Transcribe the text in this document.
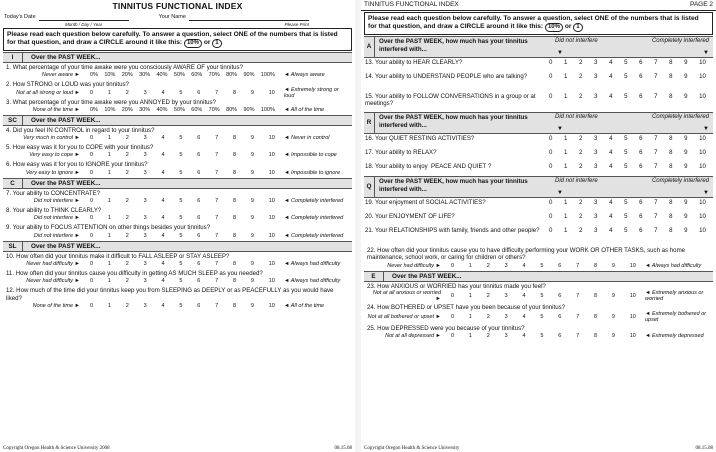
TINNITUS FUNCTIONAL INDEX
Today's Date
Month / Day / Year
Your Name
Please Print
Please read each question below carefully. To answer a question, select ONE of the numbers that is listed for that question, and draw a CIRCLE around it like this: 10% or 1
I	Over the PAST WEEK...
1. What percentage of your time awake were you consciously AWARE OF your tinnitus?
Never aware ►	0% 10% 20% 30% 40% 50% 60% 70% 80% 90% 100%	◄ Always aware
2. How STRONG or LOUD was your tinnitus?
Not at all strong or loud ►	0	1	2	3	4	5	6	7	8	9	10	◄ Extremely strong or loud
3. What percentage of your time awake were you ANNOYED by your tinnitus?
None of the time ►	0% 10% 20% 30% 40% 50% 60% 70% 80% 90% 100%	◄ All of the time
SC	Over the PAST WEEK...
4. Did you feel IN CONTROL in regard to your tinnitus?
Very much in control ►	0	1	2	3	4	5	6	7	8	9	10	◄ Never in control
5. How easy was it for you to COPE with your tinnitus?
Very easy to cope ►	0	1	2	3	4	5	6	7	8	9	10	◄ Impossible to cope
6. How easy was it for you to IGNORE your tinnitus?
Very easy to ignore ►	0	1	2	3	4	5	6	7	8	9	10	◄ Impossible to ignore
C	Over the PAST WEEK...
7. Your ability to CONCENTRATE?
Did not interfere ►	0	1	2	3	4	5	6	7	8	9	10	◄ Completely interfered
8. Your ability to THINK CLEARLY?
Did not interfere ►	0	1	2	3	4	5	6	7	8	9	10	◄ Completely interfered
9. Your ability to FOCUS ATTENTION on other things besides your tinnitus?
Did not interfere ►	0	1	2	3	4	5	6	7	8	9	10	◄ Completely interfered
SL	Over the PAST WEEK...
10. How often did your tinnitus make it difficult to FALL ASLEEP or STAY ASLEEP?
Never had difficulty ►	0	1	2	3	4	5	6	7	8	9	10	◄ Always had difficulty
11. How often did your tinnitus cause you difficulty in getting AS MUCH SLEEP as you needed?
Never had difficulty ►	0	1	2	3	4	5	6	7	8	9	10	◄ Always had difficulty
12. How much of the time did your tinnitus keep you from SLEEPING as DEEPLY or as PEACEFULLY as you would have liked?
None of the time ►	0	1	2	3	4	5	6	7	8	9	10	◄ All of the time
Copyright Oregon Health & Science University 2008	08.15.08
TINNITUS FUNCTIONAL INDEX	PAGE 2
Please read each question below carefully. To answer a question, select ONE of the numbers that is listed for that question, and draw a CIRCLE around it like this: 10% or 1
A
Over the PAST WEEK, how much has your tinnitus interfered with...
Did not interfere
▼
Completely interfered
▼
13. Your ability to HEAR CLEARLY?	0 1 2 3 4 5 6 7 8 9 10
14. Your ability to UNDERSTAND PEOPLE who are talking?	0 1 2 3 4 5 6 7 8 9 10
15. Your ability to FOLLOW CONVERSATIONS in a group or at meetings?
0 1 2 3 4 5 6 7 8 9 10
R
Over the PAST WEEK, how much has your tinnitus interfered with...
Did not interfere
▼
Completely interfered
▼
16. Your QUIET RESTING ACTIVITIES?	0 1 2 3 4 5 6 7 8 9 10
17. Your ability to RELAX?	0 1 2 3 4 5 6 7 8 9 10
18. Your ability to enjoy  PEACE AND QUIET ?	0 1 2 3 4 5 6 7 8 9 10
Q
Over the PAST WEEK, how much has your tinnitus interfered with...
Did not interfere
▼
Completely interfered
▼
19. Your enjoyment of SOCIAL ACTIVITIES?	0 1 2 3 4 5 6 7 8 9 10
20. Your ENJOYMENT OF LIFE?	0 1 2 3 4 5 6 7 8 9 10
21. Your RELATIONSHIPS with family, friends and other people?	0 1 2 3 4 5 6 7 8 9 10
22. How often did your tinnitus cause you to have difficulty performing your WORK OR OTHER TASKS, such as home maintenance, school work, or caring for children or others?
Never had difficulty ►	0	1	2	3	4	5	6	7	8	9	10	◄ Always had difficulty
E	Over the PAST WEEK...
23. How ANXIOUS or WORRIED has your tinnitus made you feel?
Not at all anxious or worried ►	0	1	2	3	4	5	6	7	8	9	10	◄ Extremely anxious or worried
24. How BOTHERED or UPSET have you been because of your tinnitus?
Not at all bothered or upset ►	0	1	2	3	4	5	6	7	8	9	10	◄ Extremely bothered or upset
25. How DEPRESSED were you because of your tinnitus?
Not at all depressed ►	0	1	2	3	4	5	6	7	8	9	10	◄ Extremely depressed
Copyright Oregon Health & Science University	08.15.08
